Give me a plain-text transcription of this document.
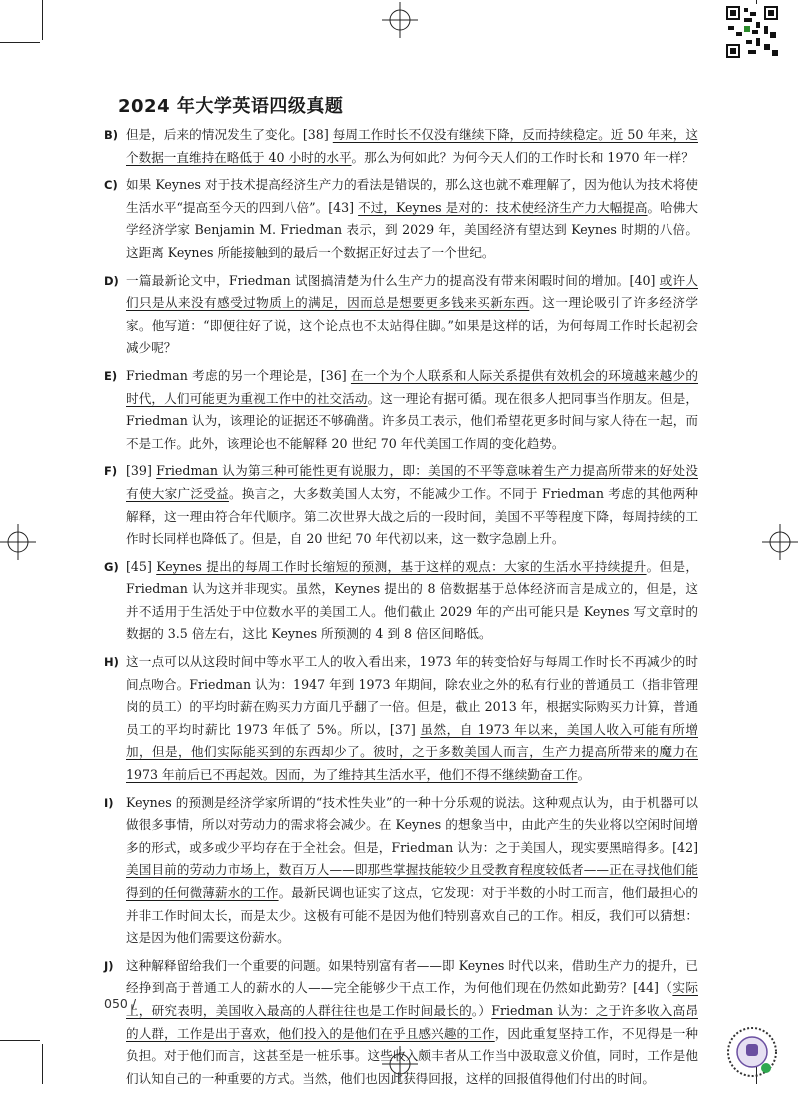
2024 年大学英语四级真题
B) 但是，后来的情况发生了变化。[38] 每周工作时长不仅没有继续下降，反而持续稳定。近 50 年来，这个数据一直维持在略低于 40 小时的水平。那么为何如此？为何今天人们的工作时长和 1970 年一样？
C) 如果 Keynes 对于技术提高经济生产力的看法是错误的，那么这也就不难理解了，因为他认为技术将使生活水平“提高至今天的四到八倍”。[43] 不过，Keynes 是对的：技术使经济生产力大幅提高。哈佛大学经济学家 Benjamin M. Friedman 表示，到 2029 年，美国经济有望达到 Keynes 时期的八倍。这距离 Keynes 所能接触到的最后一个数据正好过去了一个世纪。
D) 一篇最新论文中，Friedman 试图搞清楚为什么生产力的提高没有带来闲暇时间的增加。[40] 或许人们只是从来没有感受过物质上的满足，因而总是想要更多钱来买新东西。这一理论吸引了许多经济学家。他写道：“即便往好了说，这个论点也不太站得住脚。”如果是这样的话，为何每周工作时长起初会减少呢？
E) Friedman 考虑的另一个理论是，[36] 在一个为个人联系和人际关系提供有效机会的环境越来越少的时代，人们可能更为重视工作中的社交活动。这一理论有据可循。现在很多人把同事当作朋友。但是，Friedman 认为，该理论的证据还不够确凿。许多员工表示，他们希望花更多时间与家人待在一起，而不是工作。此外，该理论也不能解释 20 世纪 70 年代美国工作周的变化趋势。
F) [39] Friedman 认为第三种可能性更有说服力，即：美国的不平等意味着生产力提高所带来的好处没有使大家广泛受益。换言之，大多数美国人太穷，不能减少工作。不同于 Friedman 考虑的其他两种解释，这一理由符合年代顺序。第二次世界大战之后的一段时间，美国不平等程度下降，每周持续的工作时长同样也降低了。但是，自 20 世纪 70 年代初以来，这一数字急剧上升。
G) [45] Keynes 提出的每周工作时长缩短的预测，基于这样的观点：大家的生活水平持续提升。但是，Friedman 认为这并非现实。虽然，Keynes 提出的 8 倍数据基于总体经济而言是成立的，但是，这并不适用于生活处于中位数水平的美国工人。他们截止 2029 年的产出可能只是 Keynes 写文章时的数据的 3.5 倍左右，这比 Keynes 所预测的 4 到 8 倍区间略低。
H) 这一点可以从这段时间中等水平工人的收入看出来，1973 年的转变恰好与每周工作时长不再减少的时间点吻合。Friedman 认为：1947 年到 1973 年期间，除农业之外的私有行业的普通员工（指非管理岗的员工）的平均时薪在购买力方面几乎翻了一倍。但是，截止 2013 年，根据实际购买力计算，普通员工的平均时薪比 1973 年低了 5%。所以，[37] 虽然，自 1973 年以来，美国人收入可能有所增加，但是，他们实际能买到的东西却少了。彼时，之于多数美国人而言，生产力提高所带来的魔力在 1973 年前后已不再起效。因而，为了维持其生活水平，他们不得不继续勤奋工作。
I) Keynes 的预测是经济学家所谓的“技术性失业”的一种十分乐观的说法。这种观点认为，由于机器可以做很多事情，所以对劳动力的需求将会减少。在 Keynes 的想象当中，由此产生的失业将以空闲时间增多的形式，或多或少平均存在于全社会。但是，Friedman 认为：之于美国人，现实要黑暗得多。[42] 美国目前的劳动力市场上，数百万人——即那些掌握技能较少且受教育程度较低者——正在寻找他们能得到的任何微薄薪水的工作。最新民调也证实了这点，它发现：对于半数的小时工而言，他们最担心的并非工作时间太长，而是太少。这极有可能不是因为他们特别喜欢自己的工作。相反，我们可以猜想：这是因为他们需要这份薪水。
J) 这种解释留给我们一个重要的问题。如果特别富有者——即 Keynes 时代以来，借助生产力的提升，已经挣到高于普通工人的薪水的人——完全能够少干点工作，为何他们现在仍然如此勤劳？[44]（实际上，研究表明，美国收入最高的人群往往也是工作时间最长的。）Friedman 认为：之于许多收入高昂的人群，工作是出于喜欢，他们投入的是他们在乎且感兴趣的工作，因此重复坚持工作，不见得是一种负担。对于他们而言，这甚至是一桩乐事。这些收入颇丰者从工作当中汲取意义价值，同时，工作是他们认知自己的一种重要的方式。当然，他们也因此获得回报，这样的回报值得他们付出的时间。
050 /
